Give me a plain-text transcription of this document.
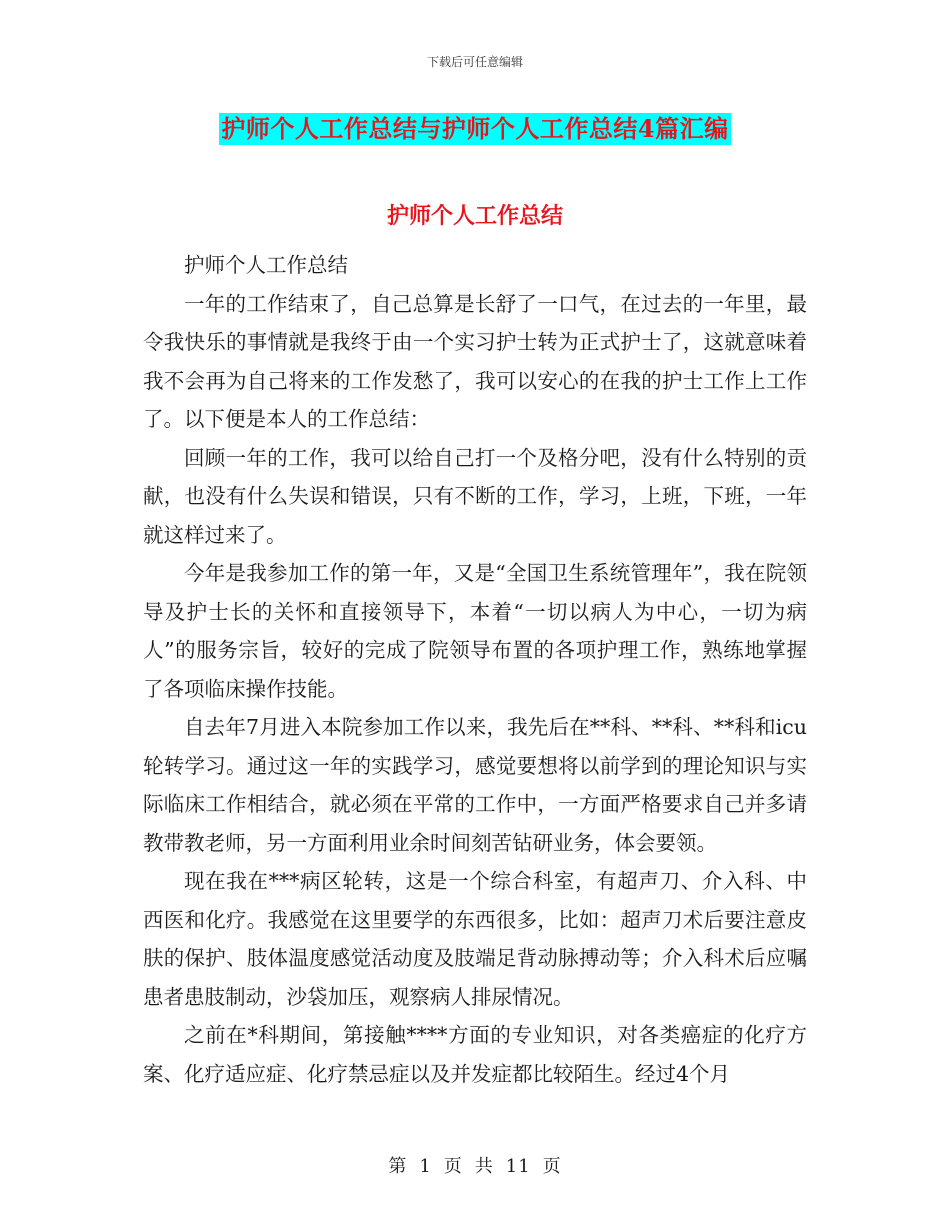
下载后可任意编辑
护师个人工作总结与护师个人工作总结4篇汇编
护师个人工作总结

护师个人工作总结

一年的工作结束了，自己总算是长舒了一口气，在过去的一年里，最令我快乐的事情就是我终于由一个实习护士转为正式护士了，这就意味着我不会再为自己将来的工作发愁了，我可以安心的在我的护士工作上工作了。以下便是本人的工作总结：

回顾一年的工作，我可以给自己打一个及格分吧，没有什么特别的贡献，也没有什么失误和错误，只有不断的工作，学习，上班，下班，一年就这样过来了。

今年是我参加工作的第一年，又是“全国卫生系统管理年”，我在院领导及护士长的关怀和直接领导下，本着“一切以病人为中心，一切为病人”的服务宗旨，较好的完成了院领导布置的各项护理工作，熟练地掌握了各项临床操作技能。

自去年7月进入本院参加工作以来，我先后在**科、**科、**科和icu轮转学习。通过这一年的实践学习，感觉要想将以前学到的理论知识与实际临床工作相结合，就必须在平常的工作中，一方面严格要求自己并多请教带教老师，另一方面利用业余时间刻苦钻研业务，体会要领。

现在我在***病区轮转，这是一个综合科室，有超声刀、介入科、中西医和化疗。我感觉在这里要学的东西很多，比如：超声刀术后要注意皮肤的保护、肢体温度感觉活动度及肢端足背动脉搏动等；介入科术后应嘱患者患肢制动，沙袋加压，观察病人排尿情况。

之前在*科期间，第接触****方面的专业知识，对各类癌症的化疗方案、化疗适应症、化疗禁忌症以及并发症都比较陌生。经过4个月

第 1 页 共 11 页
